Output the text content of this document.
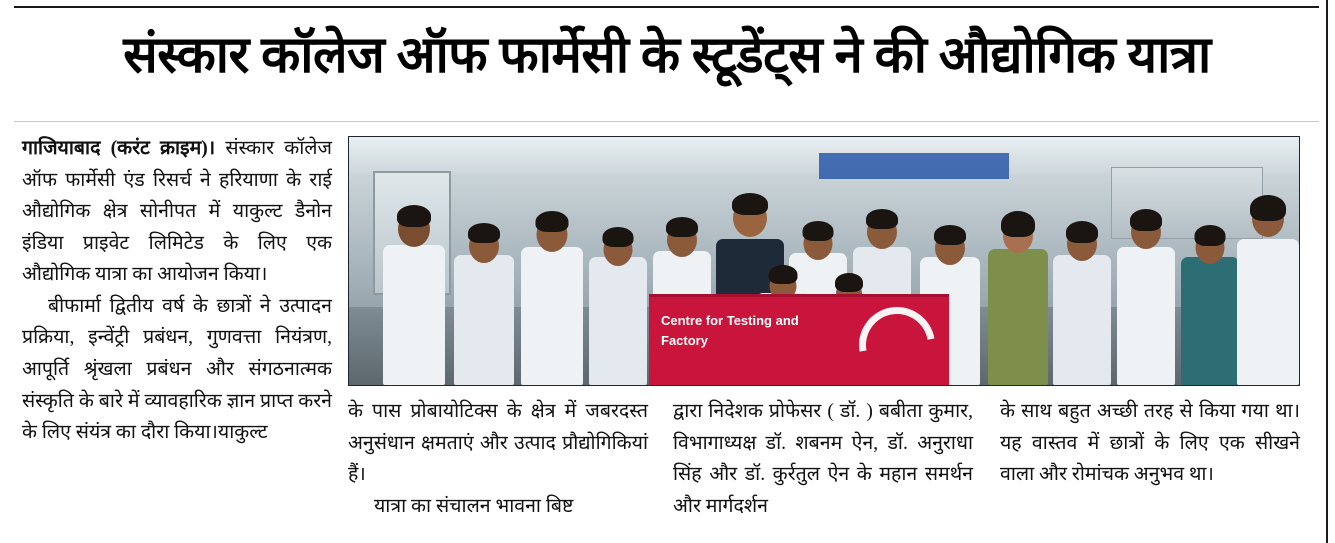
संस्कार कॉलेज ऑफ फार्मेसी के स्टूडेंट्स ने की औद्योगिक यात्रा

गाजियाबाद (करंट क्राइम)। संस्कार कॉलेज ऑफ फार्मेसी एंड रिसर्च ने हरियाणा के राई औद्योगिक क्षेत्र सोनीपत में याकुल्ट डैनोन इंडिया प्राइवेट लिमिटेड के लिए एक औद्योगिक यात्रा का आयोजन किया।

बीफार्मा द्वितीय वर्ष के छात्रों ने उत्पादन प्रक्रिया, इन्वेंट्री प्रबंधन, गुणवत्ता नियंत्रण, आपूर्ति श्रृंखला प्रबंधन और संगठनात्मक संस्कृति के बारे में व्यावहारिक ज्ञान प्राप्त करने के लिए संयंत्र का दौरा किया।याकुल्ट

Centre for Testing and Factory

के पास प्रोबायोटिक्स के क्षेत्र में जबरदस्त अनुसंधान क्षमताएं और उत्पाद प्रौद्योगिकियां हैं।

यात्रा का संचालन भावना बिष्ट

द्वारा निदेशक प्रोफेसर ( डॉ. ) बबीता कुमार, विभागाध्यक्ष डॉ. शबनम ऐन, डॉ. अनुराधा सिंह और डॉ. कुर्रतुल ऐन के महान समर्थन और मार्गदर्शन

के साथ बहुत अच्छी तरह से किया गया था।यह वास्तव में छात्रों के लिए एक सीखने वाला और रोमांचक अनुभव था।
